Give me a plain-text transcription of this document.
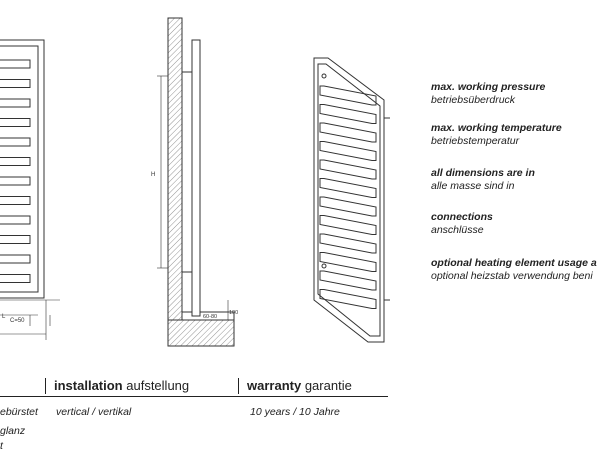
C=50
L
H
60-80
100
max. working pressure
betriebsüberdruck
max. working temperature
betriebstemperatur
all dimensions are in
alle masse sind in
connections
anschlüsse
optional heating element usage a
optional heizstab verwendung beni
installation aufstellung	warranty garantie
ebürstet
glanz
t
vertical / vertikal	10 years / 10 Jahre
